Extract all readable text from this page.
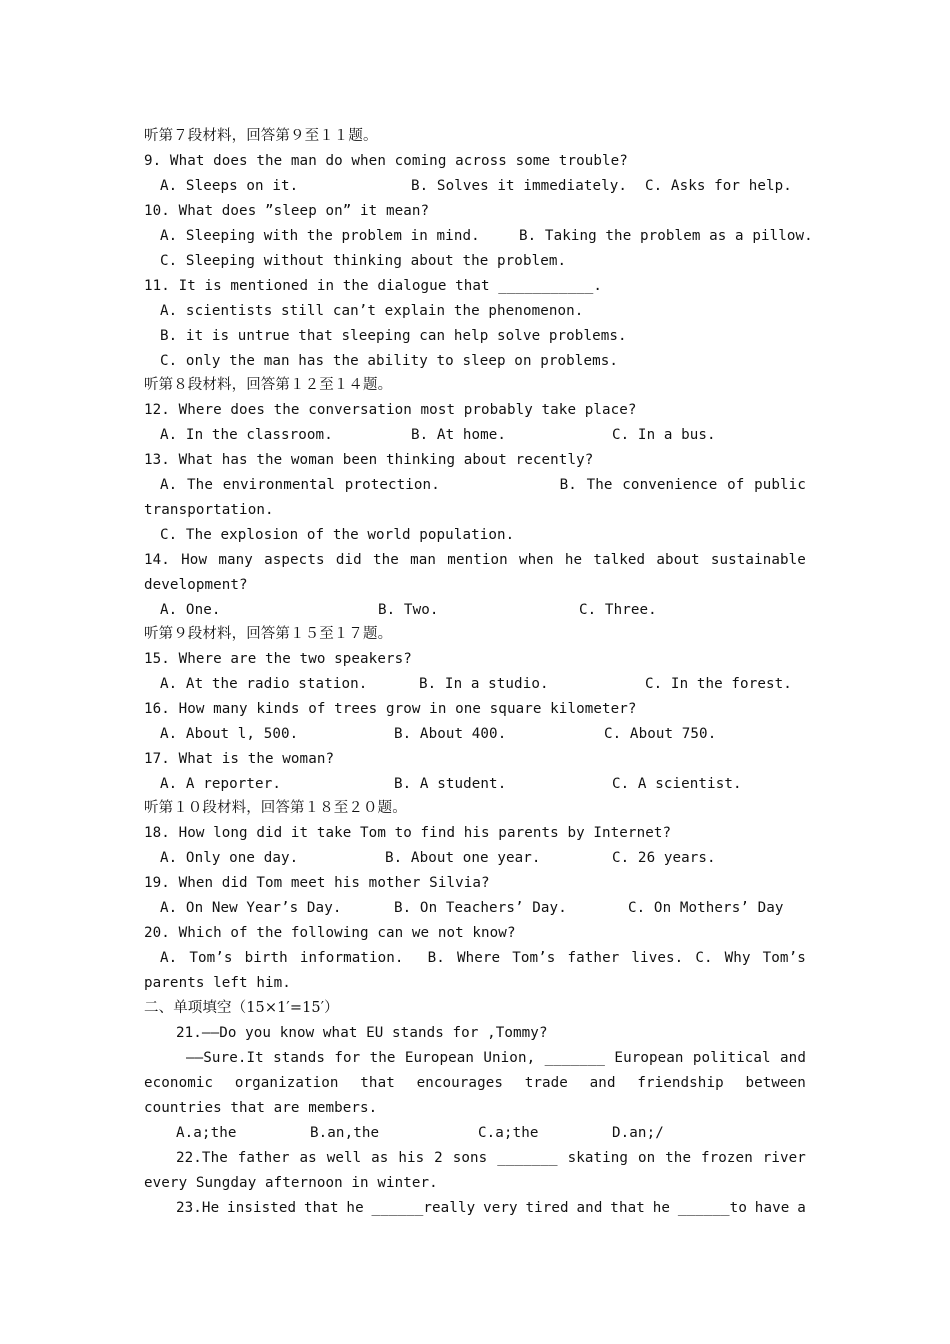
听第７段材料，回答第９至１１题。
9. What does the man do when coming across some trouble?
A. Sleeps on it.	B. Solves it immediately. C. Asks for help.
10. What does ”sleep on” it mean?
A. Sleeping with the problem in mind.	B. Taking the problem as a pillow.
C. Sleeping without thinking about the problem.
11. It is mentioned in the dialogue that ___________.
A. scientists still can’t explain the phenomenon.
B. it is untrue that sleeping can help solve problems.
C. only the man has the ability to sleep on problems.
听第８段材料，回答第１２至１４题。
12. Where does the conversation most probably take place?
A. In the classroom.	B. At home.	C. In a bus.
13. What has the woman been thinking about recently?
A. The environmental protection.	B. The convenience of public
transportation.
C. The explosion of the world population.
14. How many aspects did the man mention when he talked about sustainable
development?
A. One.	B. Two.	C. Three.
听第９段材料，回答第１５至１７题。
15. Where are the two speakers?
A. At the radio station.	B. In a studio.	C. In the forest.
16. How many kinds of trees grow in one square kilometer?
A. About l, 500.	B. About 400.	C. About 750.
17. What is the woman?
A. A reporter.	B. A student.	C. A scientist.
听第１０段材料，回答第１８至２０题。
18. How long did it take Tom to find his parents by Internet?
A. Only one day.	B. About one year.	C. 26 years.
19. When did Tom meet his mother Silvia?
A. On New Year’s Day.	B. On Teachers’ Day.	C. On Mothers’ Day
20. Which of the following can we not know?
A. Tom’s birth information. B. Where Tom’s father lives. C. Why Tom’s
parents left him.
二、单项填空（15×1′=15′）
21.——Do you know what EU stands for ,Tommy?
——Sure.It stands for the European Union, _______ European political and
economic organization that encourages trade and friendship between
countries that are members.
A.a;the	B.an,the	C.a;the	D.an;/
22.The father as well as his 2 sons _______ skating on the frozen river
every Sungday afternoon in winter.
23.He insisted that he ______really very tired and that he ______to have a
